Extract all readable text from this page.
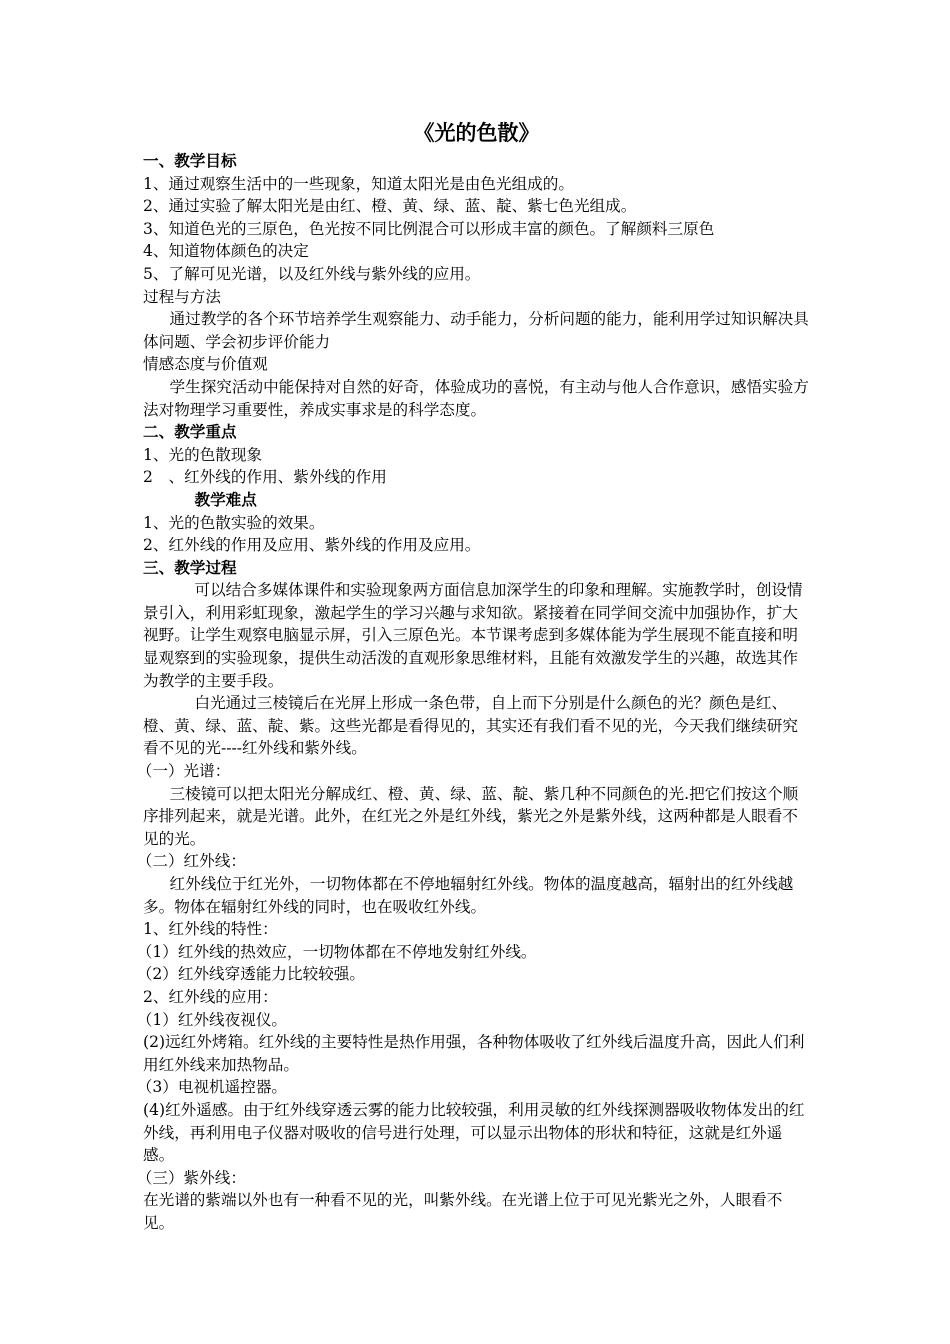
《光的色散》

一、教学目标

1、通过观察生活中的一些现象，知道太阳光是由色光组成的。

2、通过实验了解太阳光是由红、橙、黄、绿、蓝、靛、紫七色光组成。

3、知道色光的三原色，色光按不同比例混合可以形成丰富的颜色。了解颜料三原色

4、知道物体颜色的决定

5、了解可见光谱，以及红外线与紫外线的应用。

过程与方法

通过教学的各个环节培养学生观察能力、动手能力，分析问题的能力，能利用学过知识解决具体问题、学会初步评价能力

情感态度与价值观

学生探究活动中能保持对自然的好奇，体验成功的喜悦，有主动与他人合作意识，感悟实验方法对物理学习重要性，养成实事求是的科学态度。

二、教学重点

1、光的色散现象

2　、红外线的作用、紫外线的作用

教学难点

1、光的色散实验的效果。

2、红外线的作用及应用、紫外线的作用及应用。

三、教学过程

可以结合多媒体课件和实验现象两方面信息加深学生的印象和理解。实施教学时，创设情景引入，利用彩虹现象，激起学生的学习兴趣与求知欲。紧接着在同学间交流中加强协作，扩大视野。让学生观察电脑显示屏，引入三原色光。本节课考虑到多媒体能为学生展现不能直接和明显观察到的实验现象，提供生动活泼的直观形象思维材料，且能有效激发学生的兴趣，故选其作为教学的主要手段。

白光通过三棱镜后在光屏上形成一条色带，自上而下分别是什么颜色的光？颜色是红、橙、黄、绿、蓝、靛、紫。这些光都是看得见的，其实还有我们看不见的光，今天我们继续研究看不见的光----红外线和紫外线。

（一）光谱：

三棱镜可以把太阳光分解成红、橙、黄、绿、蓝、靛、紫几种不同颜色的光.把它们按这个顺序排列起来，就是光谱。此外，在红光之外是红外线，紫光之外是紫外线，这两种都是人眼看不见的光。

（二）红外线：

红外线位于红光外，一切物体都在不停地辐射红外线。物体的温度越高，辐射出的红外线越多。物体在辐射红外线的同时，也在吸收红外线。

1、红外线的特性：

（1）红外线的热效应，一切物体都在不停地发射红外线。

（2）红外线穿透能力比较较强。

2、红外线的应用：

（1）红外线夜视仪。

(2)远红外烤箱。红外线的主要特性是热作用强，各种物体吸收了红外线后温度升高，因此人们利用红外线来加热物品。

（3）电视机遥控器。

(4)红外遥感。由于红外线穿透云雾的能力比较较强，利用灵敏的红外线探测器吸收物体发出的红外线，再利用电子仪器对吸收的信号进行处理，可以显示出物体的形状和特征，这就是红外遥感。

（三）紫外线：

在光谱的紫端以外也有一种看不见的光，叫紫外线。在光谱上位于可见光紫光之外，人眼看不见。
